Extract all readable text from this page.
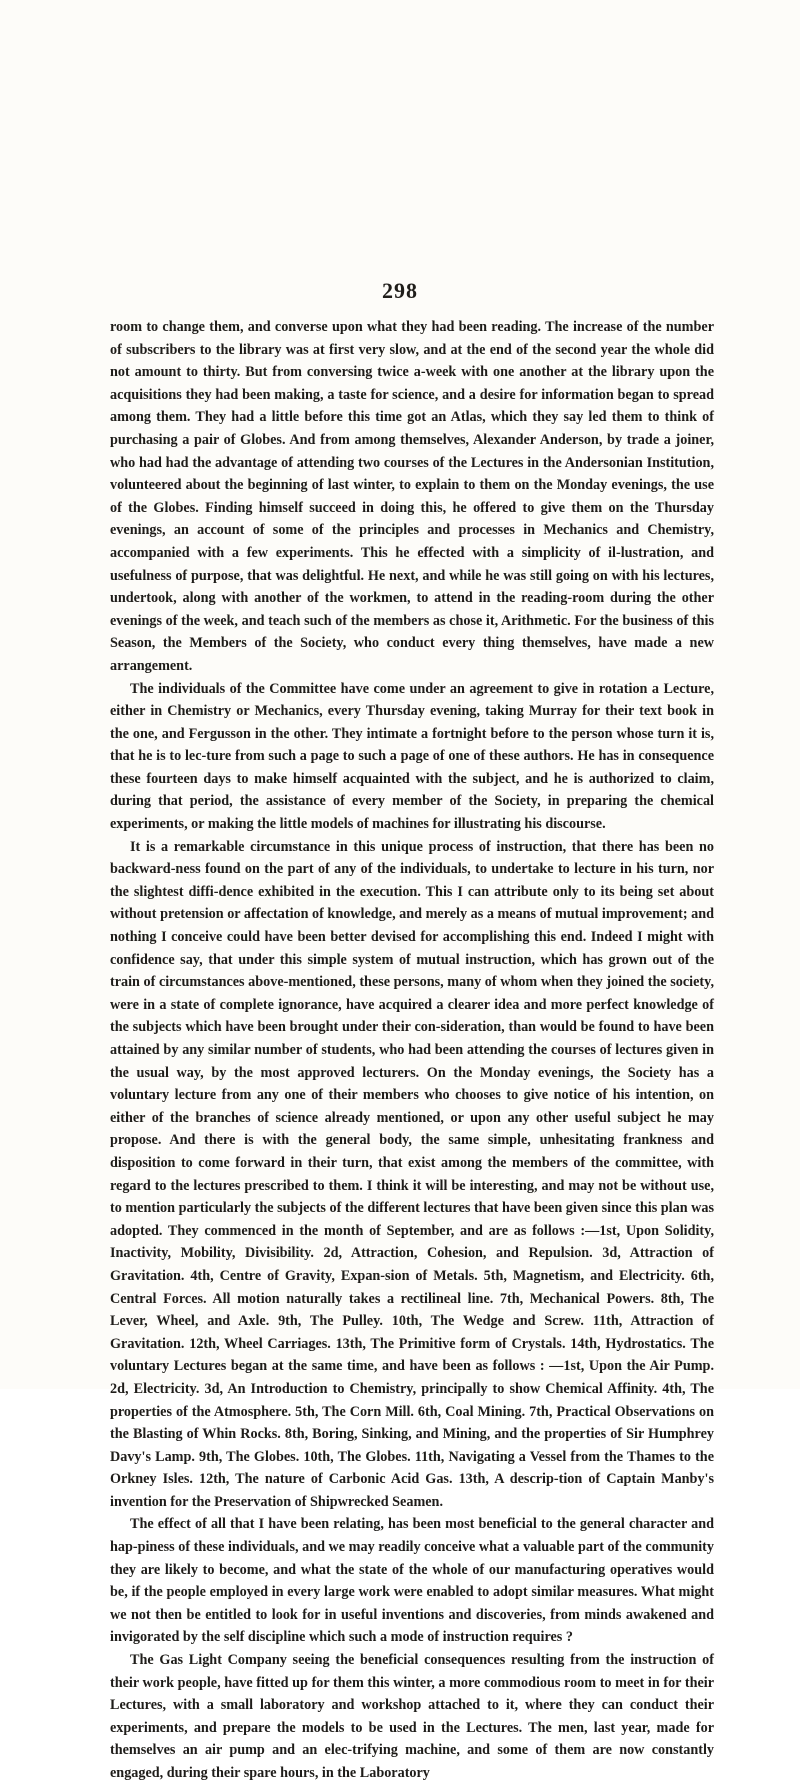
298

room to change them, and converse upon what they had been reading. The increase of the number of subscribers to the library was at first very slow, and at the end of the second year the whole did not amount to thirty. But from conversing twice a-week with one another at the library upon the acquisitions they had been making, a taste for science, and a desire for information began to spread among them. They had a little before this time got an Atlas, which they say led them to think of purchasing a pair of Globes. And from among themselves, Alexander Anderson, by trade a joiner, who had had the advantage of attending two courses of the Lectures in the Andersonian Institution, volunteered about the beginning of last winter, to explain to them on the Monday evenings, the use of the Globes. Finding himself succeed in doing this, he offered to give them on the Thursday evenings, an account of some of the principles and processes in Mechanics and Chemistry, accompanied with a few experiments. This he effected with a simplicity of il-lustration, and usefulness of purpose, that was delightful. He next, and while he was still going on with his lectures, undertook, along with another of the workmen, to attend in the reading-room during the other evenings of the week, and teach such of the members as chose it, Arithmetic. For the business of this Season, the Members of the Society, who conduct every thing themselves, have made a new arrangement.

The individuals of the Committee have come under an agreement to give in rotation a Lecture, either in Chemistry or Mechanics, every Thursday evening, taking Murray for their text book in the one, and Fergusson in the other. They intimate a fortnight before to the person whose turn it is, that he is to lec-ture from such a page to such a page of one of these authors. He has in consequence these fourteen days to make himself acquainted with the subject, and he is authorized to claim, during that period, the assistance of every member of the Society, in preparing the chemical experiments, or making the little models of machines for illustrating his discourse.

It is a remarkable circumstance in this unique process of instruction, that there has been no backward-ness found on the part of any of the individuals, to undertake to lecture in his turn, nor the slightest diffi-dence exhibited in the execution. This I can attribute only to its being set about without pretension or affectation of knowledge, and merely as a means of mutual improvement; and nothing I conceive could have been better devised for accomplishing this end. Indeed I might with confidence say, that under this simple system of mutual instruction, which has grown out of the train of circumstances above-mentioned, these persons, many of whom when they joined the society, were in a state of complete ignorance, have acquired a clearer idea and more perfect knowledge of the subjects which have been brought under their con-sideration, than would be found to have been attained by any similar number of students, who had been attending the courses of lectures given in the usual way, by the most approved lecturers. On the Monday evenings, the Society has a voluntary lecture from any one of their members who chooses to give notice of his intention, on either of the branches of science already mentioned, or upon any other useful subject he may propose. And there is with the general body, the same simple, unhesitating frankness and disposition to come forward in their turn, that exist among the members of the committee, with regard to the lectures prescribed to them. I think it will be interesting, and may not be without use, to mention particularly the subjects of the different lectures that have been given since this plan was adopted. They commenced in the month of September, and are as follows :—1st, Upon Solidity, Inactivity, Mobility, Divisibility. 2d, Attraction, Cohesion, and Repulsion. 3d, Attraction of Gravitation. 4th, Centre of Gravity, Expan-sion of Metals. 5th, Magnetism, and Electricity. 6th, Central Forces. All motion naturally takes a rectilineal line. 7th, Mechanical Powers. 8th, The Lever, Wheel, and Axle. 9th, The Pulley. 10th, The Wedge and Screw. 11th, Attraction of Gravitation. 12th, Wheel Carriages. 13th, The Primitive form of Crystals. 14th, Hydrostatics. The voluntary Lectures began at the same time, and have been as follows : —1st, Upon the Air Pump. 2d, Electricity. 3d, An Introduction to Chemistry, principally to show Chemical Affinity. 4th, The properties of the Atmosphere. 5th, The Corn Mill. 6th, Coal Mining. 7th, Practical Observations on the Blasting of Whin Rocks. 8th, Boring, Sinking, and Mining, and the properties of Sir Humphrey Davy's Lamp. 9th, The Globes. 10th, The Globes. 11th, Navigating a Vessel from the Thames to the Orkney Isles. 12th, The nature of Carbonic Acid Gas. 13th, A descrip-tion of Captain Manby's invention for the Preservation of Shipwrecked Seamen.

The effect of all that I have been relating, has been most beneficial to the general character and hap-piness of these individuals, and we may readily conceive what a valuable part of the community they are likely to become, and what the state of the whole of our manufacturing operatives would be, if the people employed in every large work were enabled to adopt similar measures. What might we not then be entitled to look for in useful inventions and discoveries, from minds awakened and invigorated by the self discipline which such a mode of instruction requires ?

The Gas Light Company seeing the beneficial consequences resulting from the instruction of their work people, have fitted up for them this winter, a more commodious room to meet in for their Lectures, with a small laboratory and workshop attached to it, where they can conduct their experiments, and prepare the models to be used in the Lectures. The men, last year, made for themselves an air pump and an elec-trifying machine, and some of them are now constantly engaged, during their spare hours, in the Laboratory
